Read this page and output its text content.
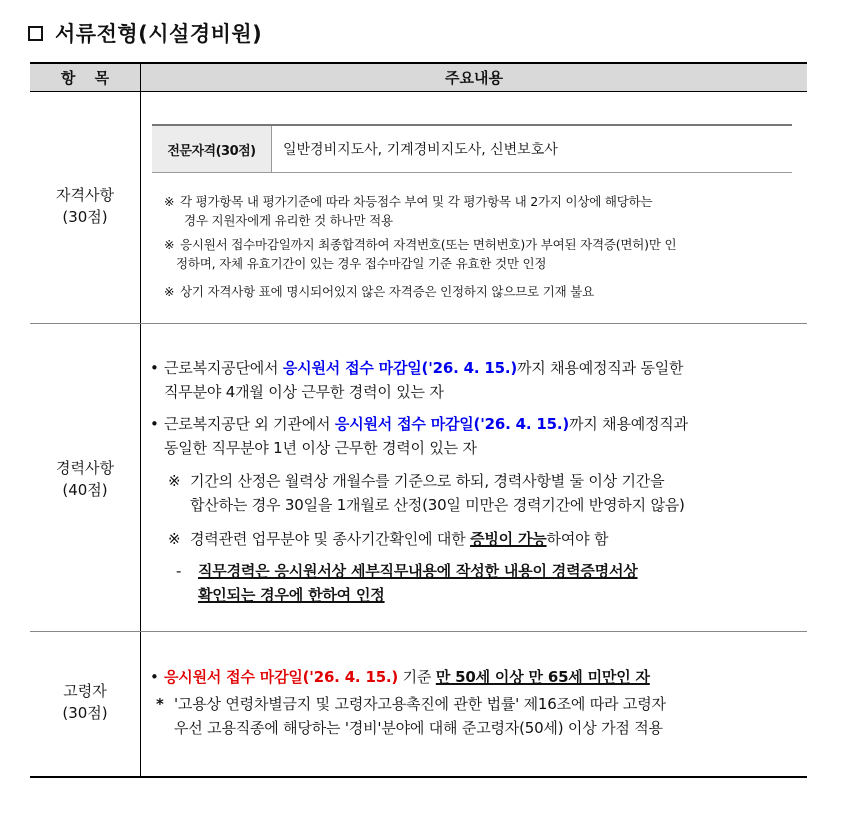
서류전형(시설경비원)
항 목	주요내용
자격사항
(30점)
전문자격(30점)	일반경비지도사, 기계경비지도사, 신변보호사
※ 각 평가항목 내 평가기준에 따라 차등점수 부여 및 각 평가항목 내 2가지 이상에 해당하는
경우 지원자에게 유리한 것 하나만 적용
※ 응시원서 접수마감일까지 최종합격하여 자격번호(또는 면허번호)가 부여된 자격증(면허)만 인
정하며, 자체 유효기간이 있는 경우 접수마감일 기준 유효한 것만 인정
※ 상기 자격사항 표에 명시되어있지 않은 자격증은 인정하지 않으므로 기재 불요
경력사항
(40점)
• 근로복지공단에서 응시원서 접수 마감일('26. 4. 15.)까지 채용예정직과 동일한
직무분야 4개월 이상 근무한 경력이 있는 자
• 근로복지공단 외 기관에서 응시원서 접수 마감일('26. 4. 15.)까지 채용예정직과
동일한 직무분야 1년 이상 근무한 경력이 있는 자
※ 기간의 산정은 월력상 개월수를 기준으로 하되, 경력사항별 둘 이상 기간을
합산하는 경우 30일을 1개월로 산정(30일 미만은 경력기간에 반영하지 않음)
※ 경력관련 업무분야 및 종사기간확인에 대한 증빙이 가능하여야 함
- 직무경력은 응시원서상 세부직무내용에 작성한 내용이 경력증명서상
확인되는 경우에 한하여 인정
고령자
(30점)
• 응시원서 접수 마감일('26. 4. 15.) 기준 만 50세 이상 만 65세 미만인 자
* '고용상 연령차별금지 및 고령자고용촉진에 관한 법률' 제16조에 따라 고령자
우선 고용직종에 해당하는 '경비'분야에 대해 준고령자(50세) 이상 가점 적용
